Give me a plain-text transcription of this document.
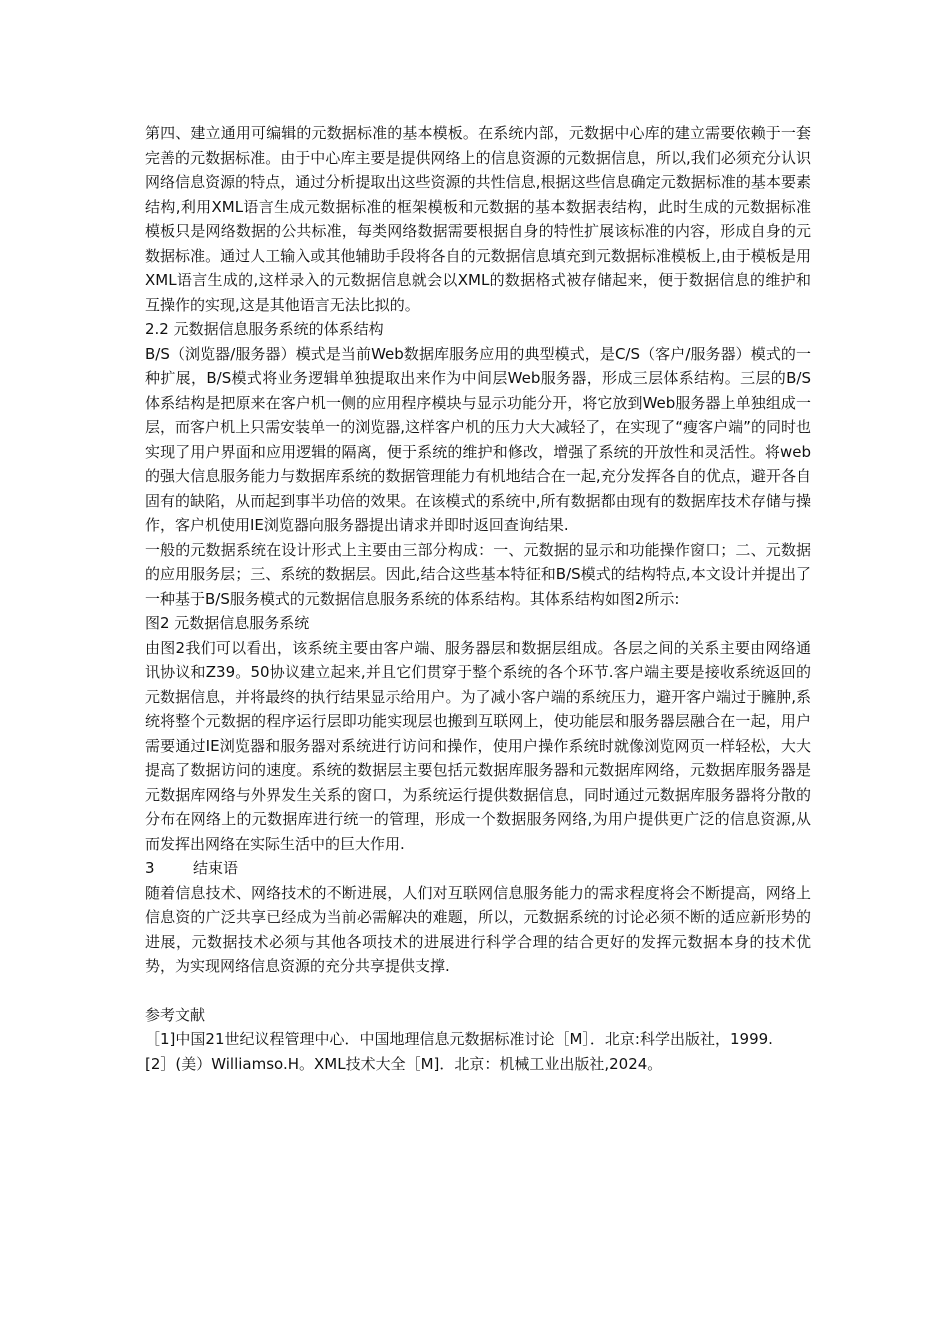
第四、建立通用可编辑的元数据标准的基本模板。在系统内部，元数据中心库的建立需要依赖于一套完善的元数据标准。由于中心库主要是提供网络上的信息资源的元数据信息，所以,我们必须充分认识网络信息资源的特点，通过分析提取出这些资源的共性信息,根据这些信息确定元数据标准的基本要素结构,利用XML语言生成元数据标准的框架模板和元数据的基本数据表结构，此时生成的元数据标准模板只是网络数据的公共标准，每类网络数据需要根据自身的特性扩展该标准的内容，形成自身的元数据标准。通过人工输入或其他辅助手段将各自的元数据信息填充到元数据标准模板上,由于模板是用XML语言生成的,这样录入的元数据信息就会以XML的数据格式被存储起来，便于数据信息的维护和互操作的实现,这是其他语言无法比拟的。

2.2 元数据信息服务系统的体系结构

B/S（浏览器/服务器）模式是当前Web数据库服务应用的典型模式，是C/S（客户/服务器）模式的一种扩展，B/S模式将业务逻辑单独提取出来作为中间层Web服务器，形成三层体系结构。三层的B/S体系结构是把原来在客户机一侧的应用程序模块与显示功能分开，将它放到Web服务器上单独组成一层，而客户机上只需安装单一的浏览器,这样客户机的压力大大减轻了，在实现了“瘦客户端”的同时也实现了用户界面和应用逻辑的隔离，便于系统的维护和修改，增强了系统的开放性和灵活性。将web的强大信息服务能力与数据库系统的数据管理能力有机地结合在一起,充分发挥各自的优点，避开各自固有的缺陷，从而起到事半功倍的效果。在该模式的系统中,所有数据都由现有的数据库技术存储与操作，客户机使用IE浏览器向服务器提出请求并即时返回查询结果.

一般的元数据系统在设计形式上主要由三部分构成：一、元数据的显示和功能操作窗口；二、元数据的应用服务层；三、系统的数据层。因此,结合这些基本特征和B/S模式的结构特点,本文设计并提出了一种基于B/S服务模式的元数据信息服务系统的体系结构。其体系结构如图2所示:

图2 元数据信息服务系统

由图2我们可以看出，该系统主要由客户端、服务器层和数据层组成。各层之间的关系主要由网络通讯协议和Z39。50协议建立起来,并且它们贯穿于整个系统的各个环节.客户端主要是接收系统返回的元数据信息，并将最终的执行结果显示给用户。为了减小客户端的系统压力，避开客户端过于臃肿,系统将整个元数据的程序运行层即功能实现层也搬到互联网上，使功能层和服务器层融合在一起，用户需要通过IE浏览器和服务器对系统进行访问和操作，使用户操作系统时就像浏览网页一样轻松，大大提高了数据访问的速度。系统的数据层主要包括元数据库服务器和元数据库网络，元数据库服务器是元数据库网络与外界发生关系的窗口，为系统运行提供数据信息，同时通过元数据库服务器将分散的分布在网络上的元数据库进行统一的管理，形成一个数据服务网络,为用户提供更广泛的信息资源,从而发挥出网络在实际生活中的巨大作用.

3	结束语

随着信息技术、网络技术的不断进展，人们对互联网信息服务能力的需求程度将会不断提高，网络上信息资的广泛共享已经成为当前必需解决的难题，所以，元数据系统的讨论必须不断的适应新形势的进展，元数据技术必须与其他各项技术的进展进行科学合理的结合更好的发挥元数据本身的技术优势，为实现网络信息资源的充分共享提供支撑.

参考文献

［1]中国21世纪议程管理中心．中国地理信息元数据标准讨论［M］．北京:科学出版社，1999.

[2］(美）Williamso.H。XML技术大全［M]．北京：机械工业出版社,2024。
